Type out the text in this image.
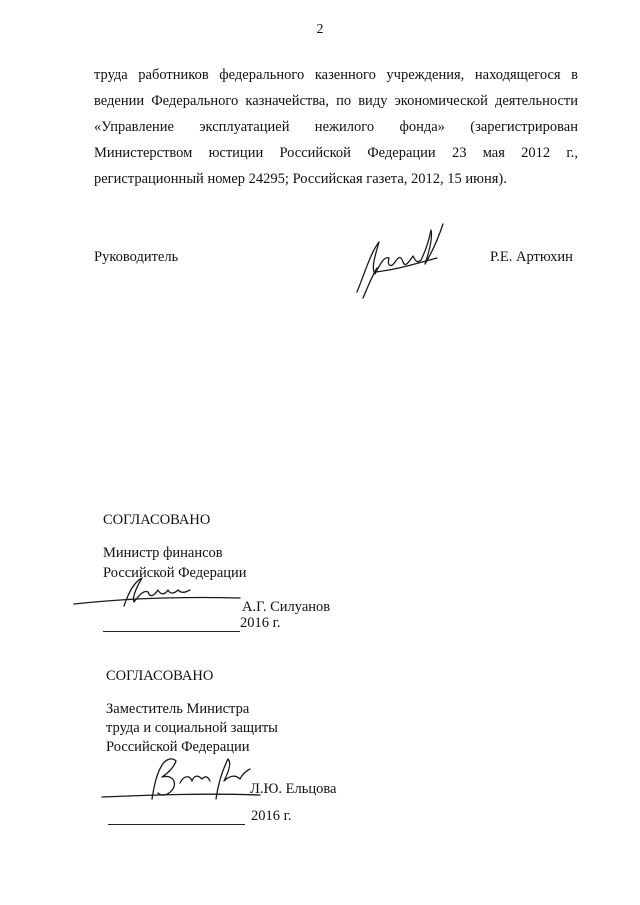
2

труда работников федерального казенного учреждения, находящегося в
ведении Федерального казначейства, по виду экономической деятельности
«Управление эксплуатацией нежилого фонда» (зарегистрирован
Министерством юстиции Российской Федерации 23 мая 2012 г.,
регистрационный номер 24295; Российская газета, 2012, 15 июня).

Руководитель	Р.Е. Артюхин
СОГЛАСОВАНО
Министр финансов
Российской Федерации
А.Г. Силуанов
2016 г.
СОГЛАСОВАНО
Заместитель Министра
труда и социальной защиты
Российской Федерации
Л.Ю. Ельцова
2016 г.
